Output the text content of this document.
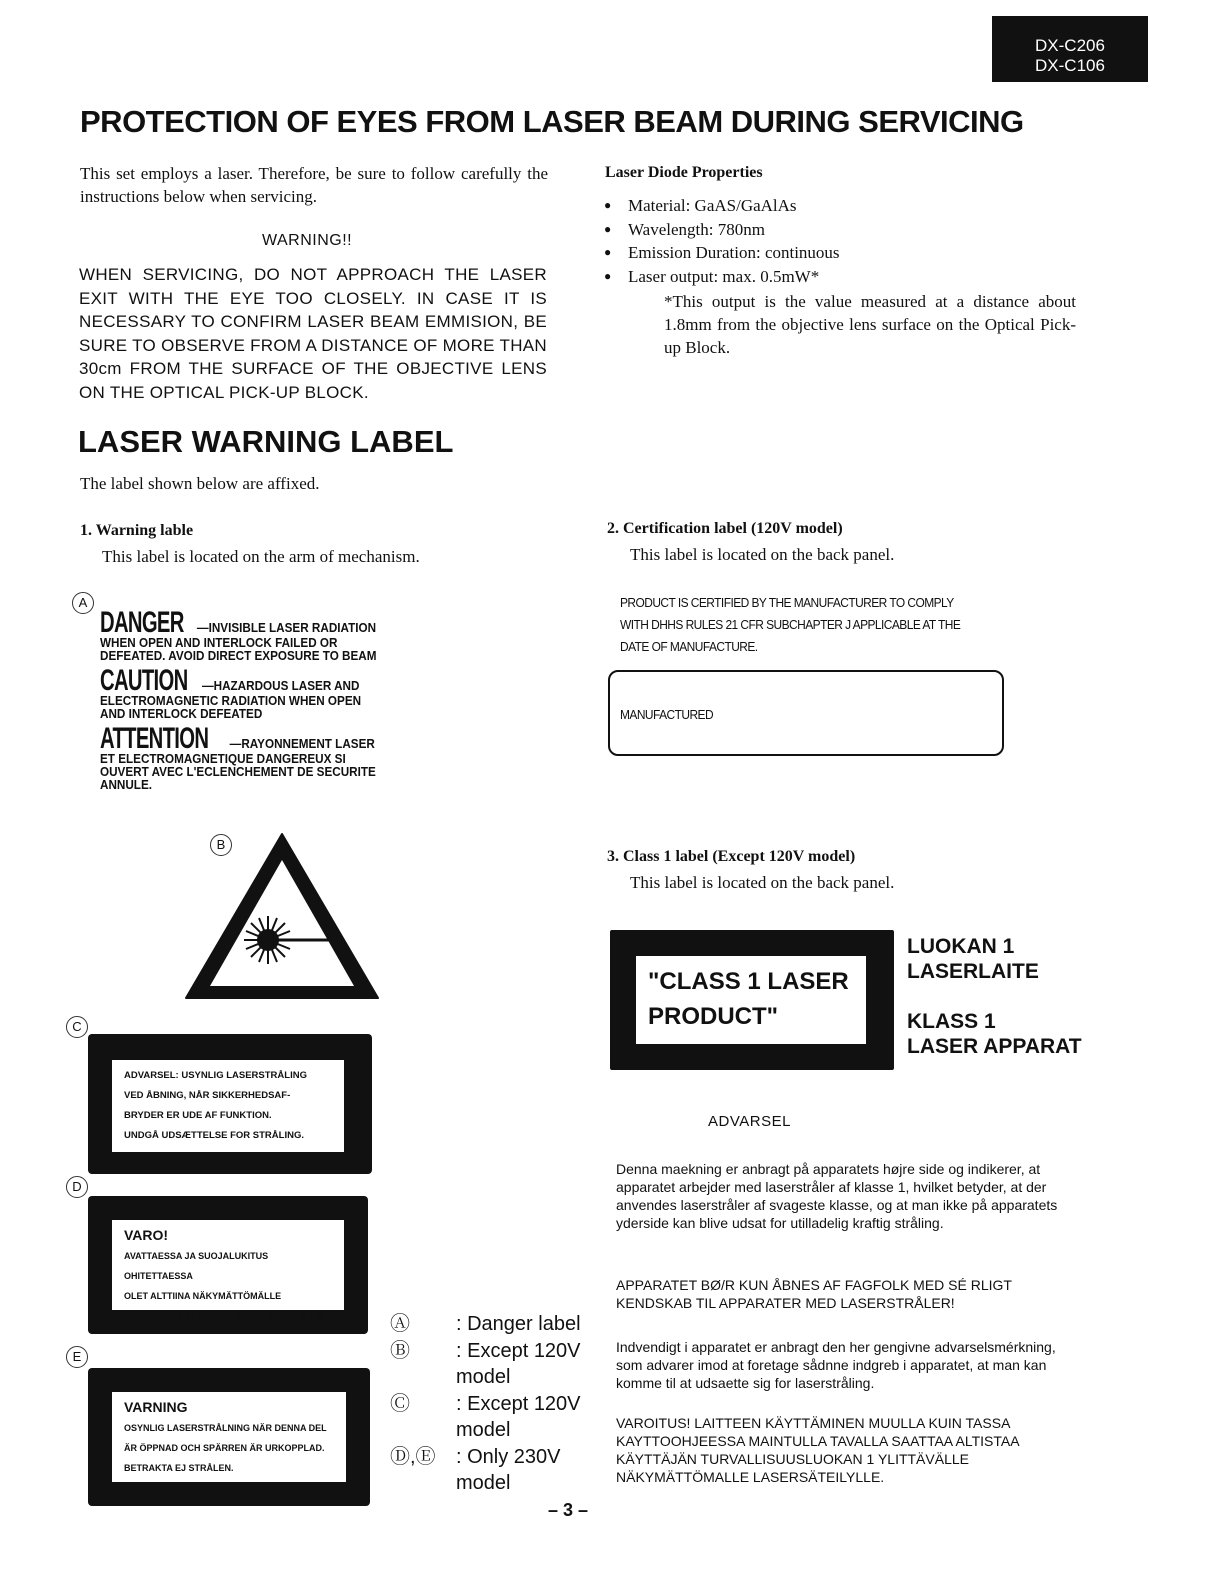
DX-C206
DX-C106
PROTECTION OF EYES FROM LASER BEAM DURING SERVICING
This set employs a laser. Therefore, be sure to follow carefully the instructions below when servicing.
WARNING!!
WHEN SERVICING, DO NOT APPROACH THE LASER EXIT WITH THE EYE TOO CLOSELY. IN CASE IT IS NECESSARY TO CONFIRM LASER BEAM EMMISION, BE SURE TO OBSERVE FROM A DISTANCE OF MORE THAN 30cm FROM THE SURFACE OF THE OBJECTIVE LENS ON THE OPTICAL PICK-UP BLOCK.
Laser Diode Properties
● Material: GaAS/GaAlAs
● Wavelength: 780nm
● Emission Duration: continuous
● Laser output: max. 0.5mW*
*This output is the value measured at a distance about 1.8mm from the objective lens surface on the Optical Pick-up Block.
LASER WARNING LABEL
The label shown below are affixed.
1. Warning lable
This label is located on the arm of mechanism.
2. Certification label (120V model)
This label is located on the back panel.
A
DANGER —INVISIBLE LASER RADIATION
WHEN OPEN AND INTERLOCK FAILED OR
DEFEATED. AVOID DIRECT EXPOSURE TO BEAM
CAUTION —HAZARDOUS LASER AND
ELECTROMAGNETIC RADIATION WHEN OPEN
AND INTERLOCK DEFEATED
ATTENTION —RAYONNEMENT LASER
ET ELECTROMAGNETIQUE DANGEREUX SI
OUVERT AVEC L'ECLENCHEMENT DE SECURITE
ANNULE.
B
C
ADVARSEL: USYNLIG LASERSTRÅLING
VED ÅBNING, NÅR SIKKERHEDSAF-
BRYDER ER UDE AF FUNKTION.
UNDGÅ UDSÆTTELSE FOR STRÅLING.
D
VARO!
AVATTAESSA JA SUOJALUKITUS OHITETTAESSA
OLET ALTTIINA NÄKYMÄTTÖMÄLLE
LASERSÄTEILYLLE. ÄLÄ KATSO SÄTEESEEN.
E
VARNING
OSYNLIG LASERSTRÅLNING NÄR DENNA DEL
ÄR ÖPPNAD OCH SPÄRREN ÄR URKOPPLAD.
BETRAKTA EJ STRÅLEN.
Ⓐ	: Danger label
Ⓑ	: Except 120V model
Ⓒ	: Except 120V model
Ⓓ,Ⓔ	: Only 230V model
PRODUCT IS CERTIFIED BY THE MANUFACTURER TO COMPLY
WITH DHHS RULES 21 CFR SUBCHAPTER J APPLICABLE AT THE
DATE OF MANUFACTURE.
MANUFACTURED
3. Class 1 label (Except 120V model)
This label is located on the back panel.
"CLASS 1 LASER
PRODUCT"
LUOKAN 1
LASERLAITE
KLASS 1
LASER APPARAT
ADVARSEL
Denna maekning er anbragt på apparatets højre side og indikerer, at apparatet arbejder med laserstråler af klasse 1, hvilket betyder, at der anvendes laserstråler af svageste klasse, og at man ikke på apparatets yderside kan blive udsat for utilladelig kraftig stråling.
APPARATET BØ/R KUN ÅBNES AF FAGFOLK MED SÉ RLIGT KENDSKAB TIL APPARATER MED LASERSTRÅLER!
Indvendigt i apparatet er anbragt den her gengivne advarselsmérkning, som advarer imod at foretage sådnne indgreb i apparatet, at man kan komme til at udsaette sig for laserstråling.
VAROITUS! LAITTEEN KÄYTTÄMINEN MUULLA KUIN TASSA KAYTTOOHJEESSA MAINTULLA TAVALLA SAATTAA ALTISTAA KÄYTTÄJÄN TURVALLISUUSLUOKAN 1 YLITTÄVÄLLE NÄKYMÄTTÖMALLE LASERSÄTEILYLLE.
– 3 –
